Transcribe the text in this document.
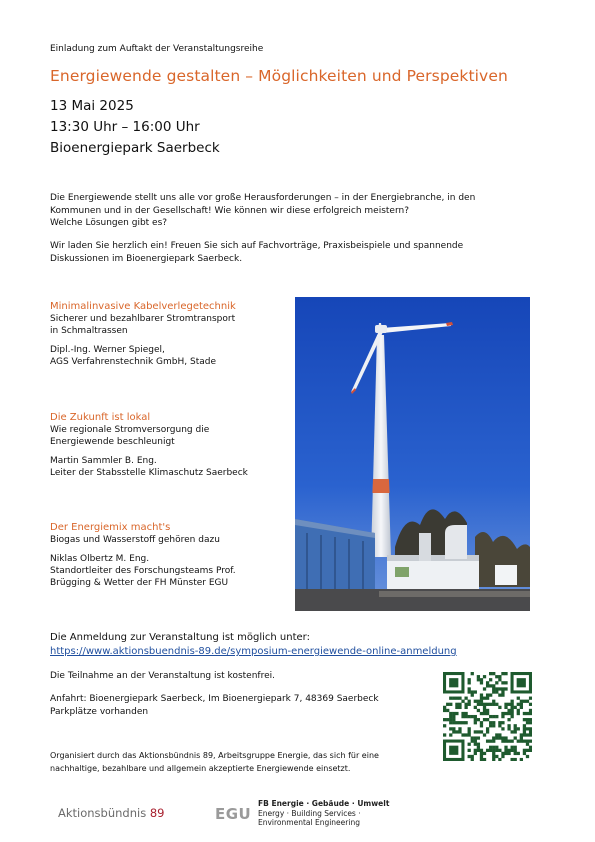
Einladung zum Auftakt der Veranstaltungsreihe
Energiewende gestalten – Möglichkeiten und Perspektiven
13 Mai 2025
13:30 Uhr – 16:00 Uhr
Bioenergiepark Saerbeck

Die Energiewende stellt uns alle vor große Herausforderungen – in der Energiebranche, in den

Kommunen und in der Gesellschaft! Wie können wir diese erfolgreich meistern?

Welche Lösungen gibt es?

Wir laden Sie herzlich ein! Freuen Sie sich auf Fachvorträge, Praxisbeispiele und spannende

Diskussionen im Bioenergiepark Saerbeck.

Minimalinvasive Kabelverlegetechnik
Sicherer und bezahlbarer Stromtransport
in Schmaltrassen
Dipl.-Ing. Werner Spiegel,
AGS Verfahrenstechnik GmbH, Stade
Die Zukunft ist lokal
Wie regionale Stromversorgung die
Energiewende beschleunigt
Martin Sammler B. Eng.
Leiter der Stabsstelle Klimaschutz Saerbeck
Der Energiemix macht's
Biogas und Wasserstoff gehören dazu
Niklas Olbertz M. Eng.
Standortleiter des Forschungsteams Prof.
Brügging & Wetter der FH Münster EGU
Die Anmeldung zur Veranstaltung ist möglich unter:
https://www.aktionsbuendnis-89.de/symposium-energiewende-online-anmeldung
Die Teilnahme an der Veranstaltung ist kostenfrei.
Anfahrt: Bioenergiepark Saerbeck, Im Bioenergiepark 7, 48369 Saerbeck
Parkplätze vorhanden
Organisiert durch das Aktionsbündnis 89, Arbeitsgruppe Energie, das sich für eine
nachhaltige, bezahlbare und allgemein akzeptierte Energiewende einsetzt.
Aktionsbündnis 89	EGU
FB Energie · Gebäude · Umwelt
Energy · Building Services ·
Environmental Engineering
